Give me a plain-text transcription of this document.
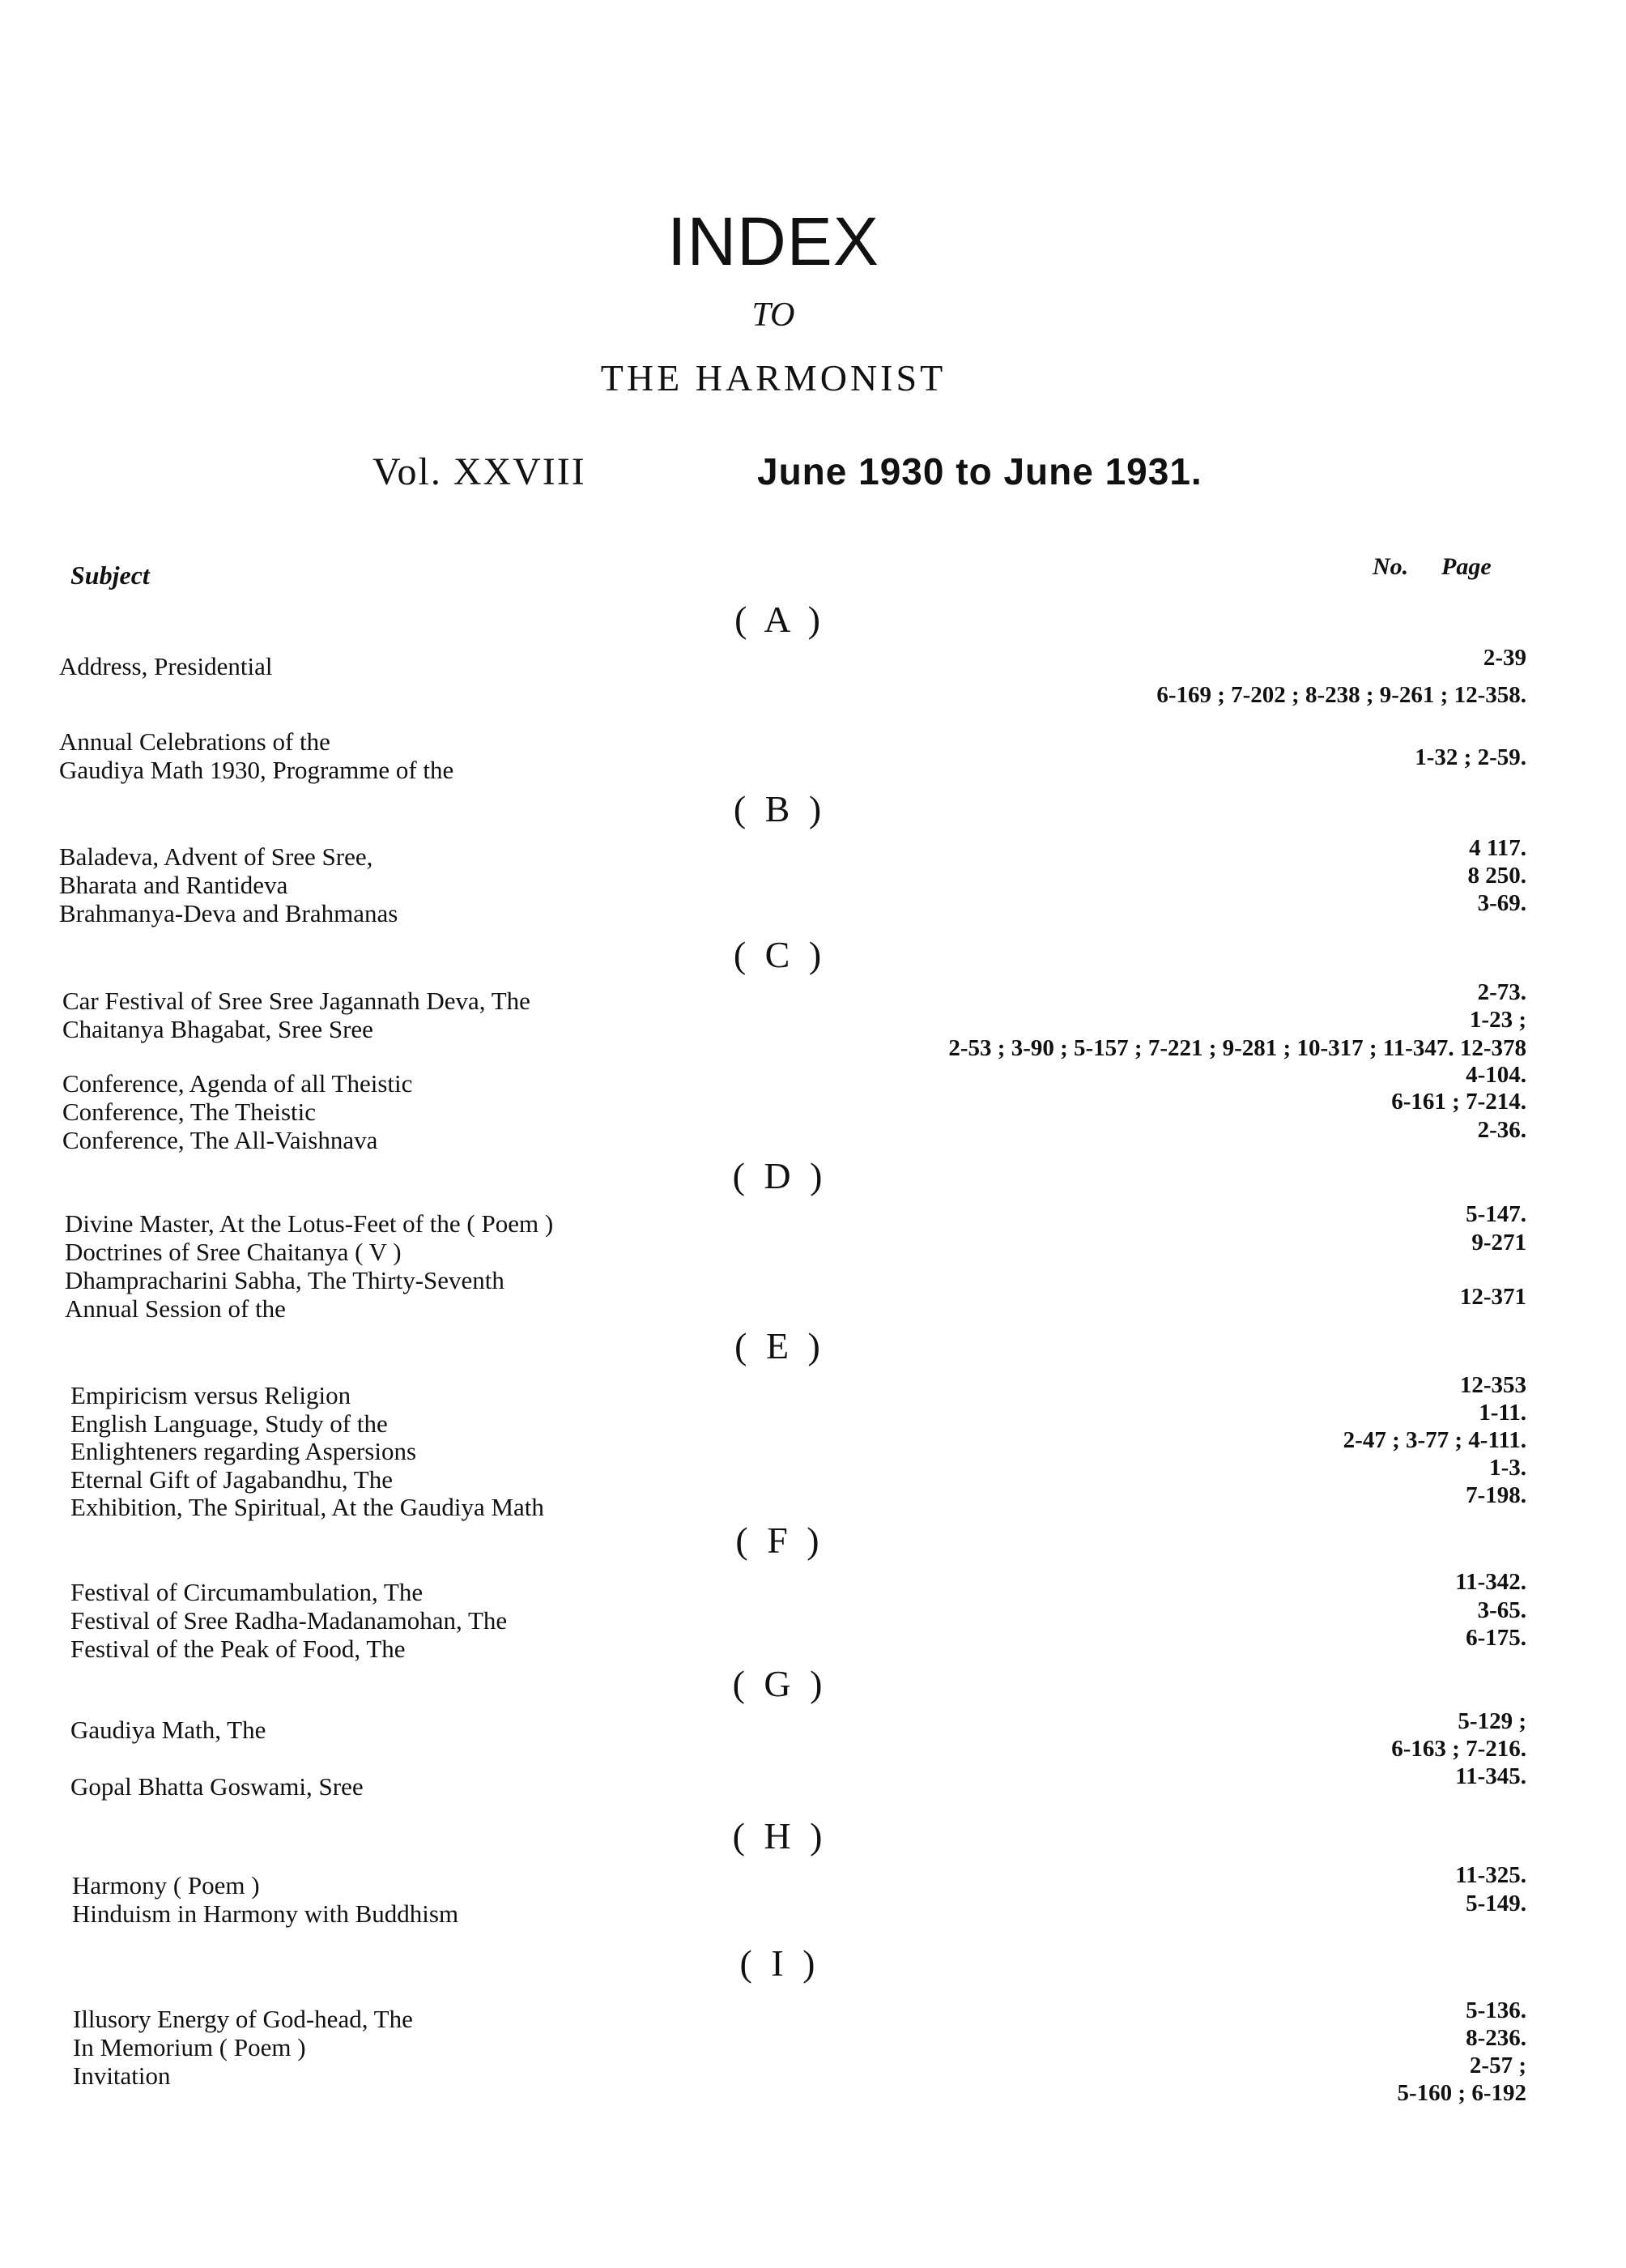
INDEX
TO
THE HARMONIST
Vol. XXVIII	June 1930 to June 1931.
Subject	No. Page
( A )
Address, Presidential	2-39
6-169 ; 7-202 ; 8-238 ; 9-261 ; 12-358.
Annual Celebrations of the
Gaudiya Math 1930, Programme of the	1-32 ; 2-59.
( B )
Baladeva, Advent of Sree Sree,	4 117.
Bharata and Rantideva	8 250.
Brahmanya-Deva and Brahmanas	3-69.
( C )
Car Festival of Sree Sree Jagannath Deva, The	2-73.
Chaitanya Bhagabat, Sree Sree	1-23 ;
2-53 ; 3-90 ; 5-157 ; 7-221 ; 9-281 ; 10-317 ; 11-347. 12-378
Conference, Agenda of all Theistic	4-104.
Conference, The Theistic	6-161 ; 7-214.
Conference, The All-Vaishnava	2-36.
( D )
Divine Master, At the Lotus-Feet of the ( Poem )	5-147.
Doctrines of Sree Chaitanya ( V )	9-271
Dhampracharini Sabha, The Thirty-Seventh
Annual Session of the	12-371
( E )
Empiricism versus Religion	12-353
English Language, Study of the	1-11.
Enlighteners regarding Aspersions	2-47 ; 3-77 ; 4-111.
Eternal Gift of Jagabandhu, The	1-3.
Exhibition, The Spiritual, At the Gaudiya Math	7-198.
( F )
Festival of Circumambulation, The	11-342.
Festival of Sree Radha-Madanamohan, The	3-65.
Festival of the Peak of Food, The	6-175.
( G )
Gaudiya Math, The	5-129 ;
6-163 ; 7-216.
Gopal Bhatta Goswami, Sree	11-345.
( H )
Harmony ( Poem )	11-325.
Hinduism in Harmony with Buddhism	5-149.
( I )
Illusory Energy of God-head, The	5-136.
In Memorium ( Poem )	8-236.
Invitation	2-57 ;
5-160 ; 6-192
